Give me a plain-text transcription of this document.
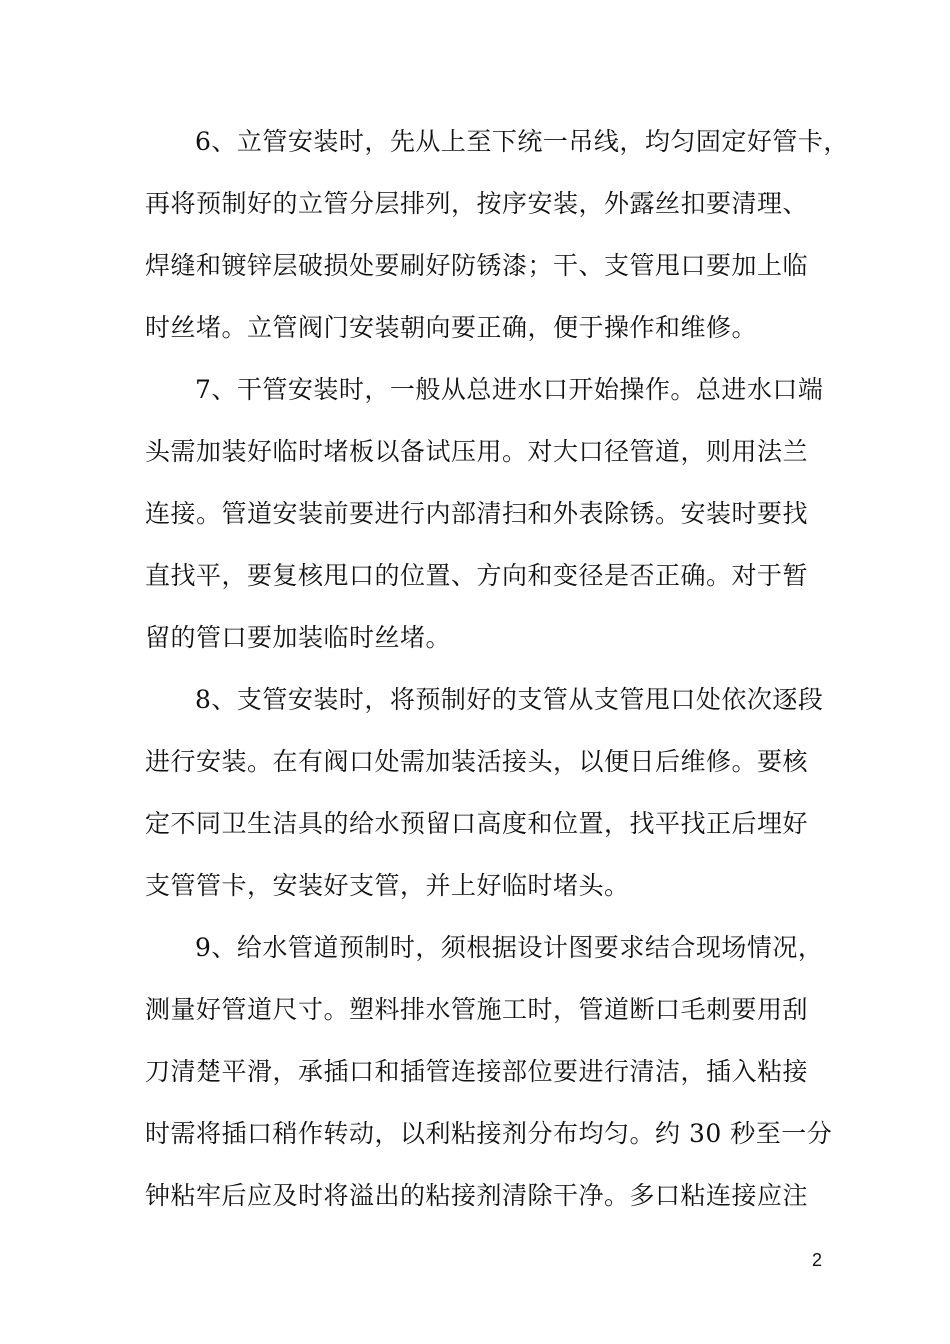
6、立管安装时，先从上至下统一吊线，均匀固定好管卡，
再将预制好的立管分层排列，按序安装，外露丝扣要清理、
焊缝和镀锌层破损处要刷好防锈漆；干、支管甩口要加上临
时丝堵。立管阀门安装朝向要正确，便于操作和维修。
7、干管安装时，一般从总进水口开始操作。总进水口端
头需加装好临时堵板以备试压用。对大口径管道，则用法兰
连接。管道安装前要进行内部清扫和外表除锈。安装时要找
直找平，要复核甩口的位置、方向和变径是否正确。对于暂
留的管口要加装临时丝堵。
8、支管安装时，将预制好的支管从支管甩口处依次逐段
进行安装。在有阀口处需加装活接头，以便日后维修。要核
定不同卫生洁具的给水预留口高度和位置，找平找正后埋好
支管管卡，安装好支管，并上好临时堵头。
9、给水管道预制时，须根据设计图要求结合现场情况，
测量好管道尺寸。塑料排水管施工时，管道断口毛刺要用刮
刀清楚平滑，承插口和插管连接部位要进行清洁，插入粘接
时需将插口稍作转动，以利粘接剂分布均匀。约 30 秒至一分
钟粘牢后应及时将溢出的粘接剂清除干净。多口粘连接应注
2
